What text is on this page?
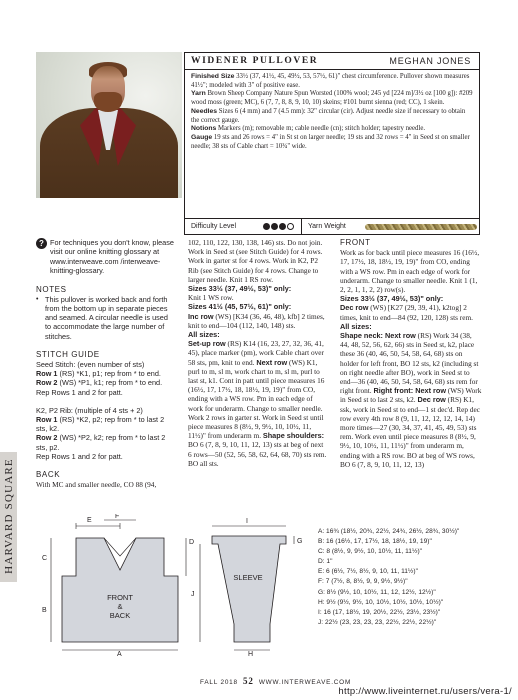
WIDENER PULLOVER	MEGHAN JONES

Finished Size 33½ (37, 41½, 45, 49½, 53, 57½, 61)" chest circumference. Pullover shown measures 41½"; modeled with 3" of positive ease.

Yarn Brown Sheep Company Nature Spun Worsted (100% wool; 245 yd [224 m]/3½ oz [100 g]): #209 wood moss (green; MC), 6 (7, 7, 8, 8, 9, 10, 10) skeins; #101 burnt sienna (red; CC), 1 skein.

Needles Sizes 6 (4 mm) and 7 (4.5 mm): 32" circular (cir). Adjust needle size if necessary to obtain the correct gauge.

Notions Markers (m); removable m; cable needle (cn); stitch holder; tapestry needle.

Gauge 19 sts and 26 rows = 4" in St st on larger needle; 19 sts and 32 rows = 4" in Seed st on smaller needle; 38 sts of Cable chart = 10¾" wide.

Difficulty Level	Yarn Weight
HARVARD SQUARE
? For techniques you don't know, please visit our online knitting glossary at www.interweave.com /interweave-knitting-glossary.
NOTES
• This pullover is worked back and forth from the bottom up in separate pieces and seamed. A circular needle is used to accommodate the large number of stitches.
STITCH GUIDE
Seed Stitch: (even number of sts)
Row 1 (RS) *K1, p1; rep from * to end.
Row 2 (WS) *P1, k1; rep from * to end.
Rep Rows 1 and 2 for patt.
K2, P2 Rib: (multiple of 4 sts + 2)
Row 1 (RS) *K2, p2; rep from * to last 2 sts, k2.
Row 2 (WS) *P2, k2; rep from * to last 2 sts, p2.
Rep Rows 1 and 2 for patt.
BACK
With MC and smaller needle, CO 88 (94,
102, 110, 122, 130, 138, 146) sts. Do not join. Work in Seed st (see Stitch Guide) for 4 rows. Work in garter st for 4 rows. Work in K2, P2 Rib (see Stitch Guide) for 4 rows. Change to larger needle. Knit 1 RS row.
Sizes 33½ (37, 49½, 53)" only:
Knit 1 WS row.
Sizes 41½ (45, 57½, 61)" only:
Inc row (WS) [K34 (36, 46, 48), kfb] 2 times, knit to end—104 (112, 140, 148) sts.
All sizes:
Set-up row (RS) K14 (16, 23, 27, 32, 36, 41, 45), place marker (pm), work Cable chart over 58 sts, pm, knit to end. Next row (WS) K1, purl to m, sl m, work chart to m, sl m, purl to last st, k1. Cont in patt until piece measures 16 (16½, 17, 17½, 18, 18½, 19, 19)" from CO, ending with a WS row. Pm in each edge of work for underarm. Change to smaller needle. Work 2 rows in garter st. Work in Seed st until piece measures 8 (8½, 9, 9½, 10, 10½, 11, 11½)" from underarm m. Shape shoulders: BO 6 (7, 8, 9, 10, 11, 12, 13) sts at beg of next 6 rows—50 (52, 56, 58, 62, 64, 68, 70) sts rem. BO all sts.
FRONT
Work as for back until piece measures 16 (16½, 17, 17½, 18, 18½, 19, 19)" from CO, ending with a WS row. Pm in each edge of work for underarm. Change to smaller needle. Knit 1 (1, 2, 2, 1, 1, 2, 2) row(s).
Sizes 33½ (37, 49½, 53)" only:
Dec row (WS) [K27 (29, 39, 41), k2tog] 2 times, knit to end—84 (92, 120, 128) sts rem.
All sizes:
Shape neck: Next row (RS) Work 34 (38, 44, 48, 52, 56, 62, 66) sts in Seed st, k2, place these 36 (40, 46, 50, 54, 58, 64, 68) sts on holder for left front, BO 12 sts, k2 (including st on right needle after BO), work in Seed st to end—36 (40, 46, 50, 54, 58, 64, 68) sts rem for right front. Right front: Next row (WS) Work in Seed st to last 2 sts, k2. Dec row (RS) K1, ssk, work in Seed st to end—1 st dec'd. Rep dec row every 4th row 8 (9, 11, 12, 12, 12, 14, 14) more times—27 (30, 34, 37, 41, 45, 49, 53) sts rem. Work even until piece measures 8 (8½, 9, 9½, 10, 10½, 11, 11½)" from underarm m, ending with a RS row. BO at beg of WS rows, BO 6 (7, 8, 9, 10, 11, 12, 13)
FRONT
&
BACK
SLEEVE
E
F
C
B
D
A
I
G
J
H
A: 16¾ (18½, 20¾, 22½, 24¾, 26½, 28¾, 30½)"
B: 16 (16½, 17, 17½, 18, 18½, 19, 19)"
C: 8 (8½, 9, 9½, 10, 10½, 11, 11½)"
D: 1"
E: 6 (6½, 7½, 8½, 9, 10, 11, 11½)"
F: 7 (7½, 8, 8½, 9, 9, 9½, 9½)"
G: 8½ (9½, 10, 10½, 11, 12, 12½, 12½)"
H: 9½ (9½, 9½, 10, 10½, 10½, 10½, 10½)"
I: 16 (17, 18½, 19, 20½, 22½, 23½, 23½)"
J: 22½ (23, 23, 23, 23, 22½, 22½, 22½)"
FALL 2018 52 WWW.INTERWEAVE.COM
http://www.liveinternet.ru/users/vera-1/
